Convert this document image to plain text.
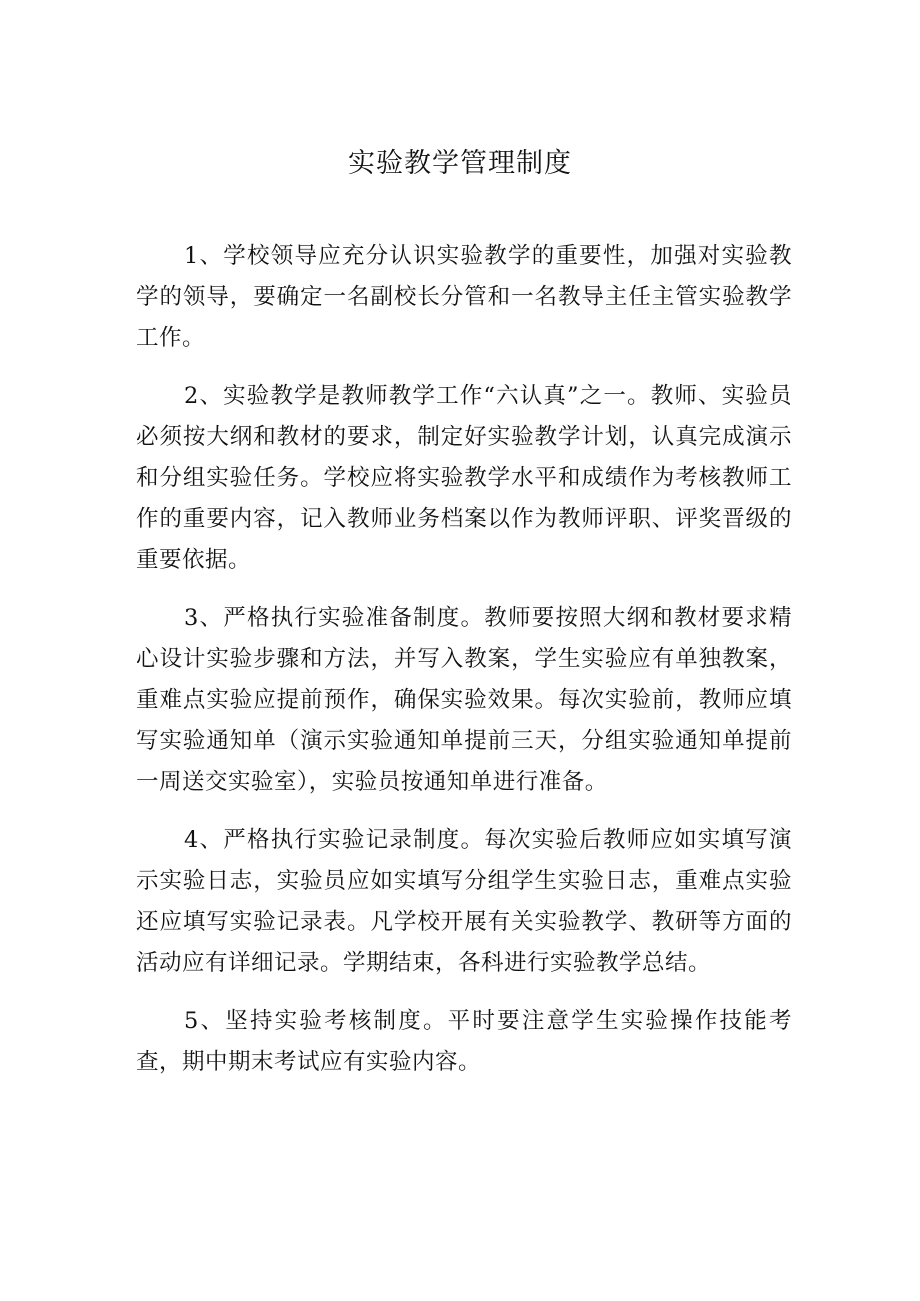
实验教学管理制度

1、学校领导应充分认识实验教学的重要性，加强对实验教学的领导，要确定一名副校长分管和一名教导主任主管实验教学工作。

2、实验教学是教师教学工作“六认真”之一。教师、实验员必须按大纲和教材的要求，制定好实验教学计划，认真完成演示和分组实验任务。学校应将实验教学水平和成绩作为考核教师工作的重要内容，记入教师业务档案以作为教师评职、评奖晋级的重要依据。

3、严格执行实验准备制度。教师要按照大纲和教材要求精心设计实验步骤和方法，并写入教案，学生实验应有单独教案，重难点实验应提前预作，确保实验效果。每次实验前，教师应填写实验通知单（演示实验通知单提前三天，分组实验通知单提前一周送交实验室），实验员按通知单进行准备。

4、严格执行实验记录制度。每次实验后教师应如实填写演示实验日志，实验员应如实填写分组学生实验日志，重难点实验还应填写实验记录表。凡学校开展有关实验教学、教研等方面的活动应有详细记录。学期结束，各科进行实验教学总结。

5、坚持实验考核制度。平时要注意学生实验操作技能考查，期中期末考试应有实验内容。
